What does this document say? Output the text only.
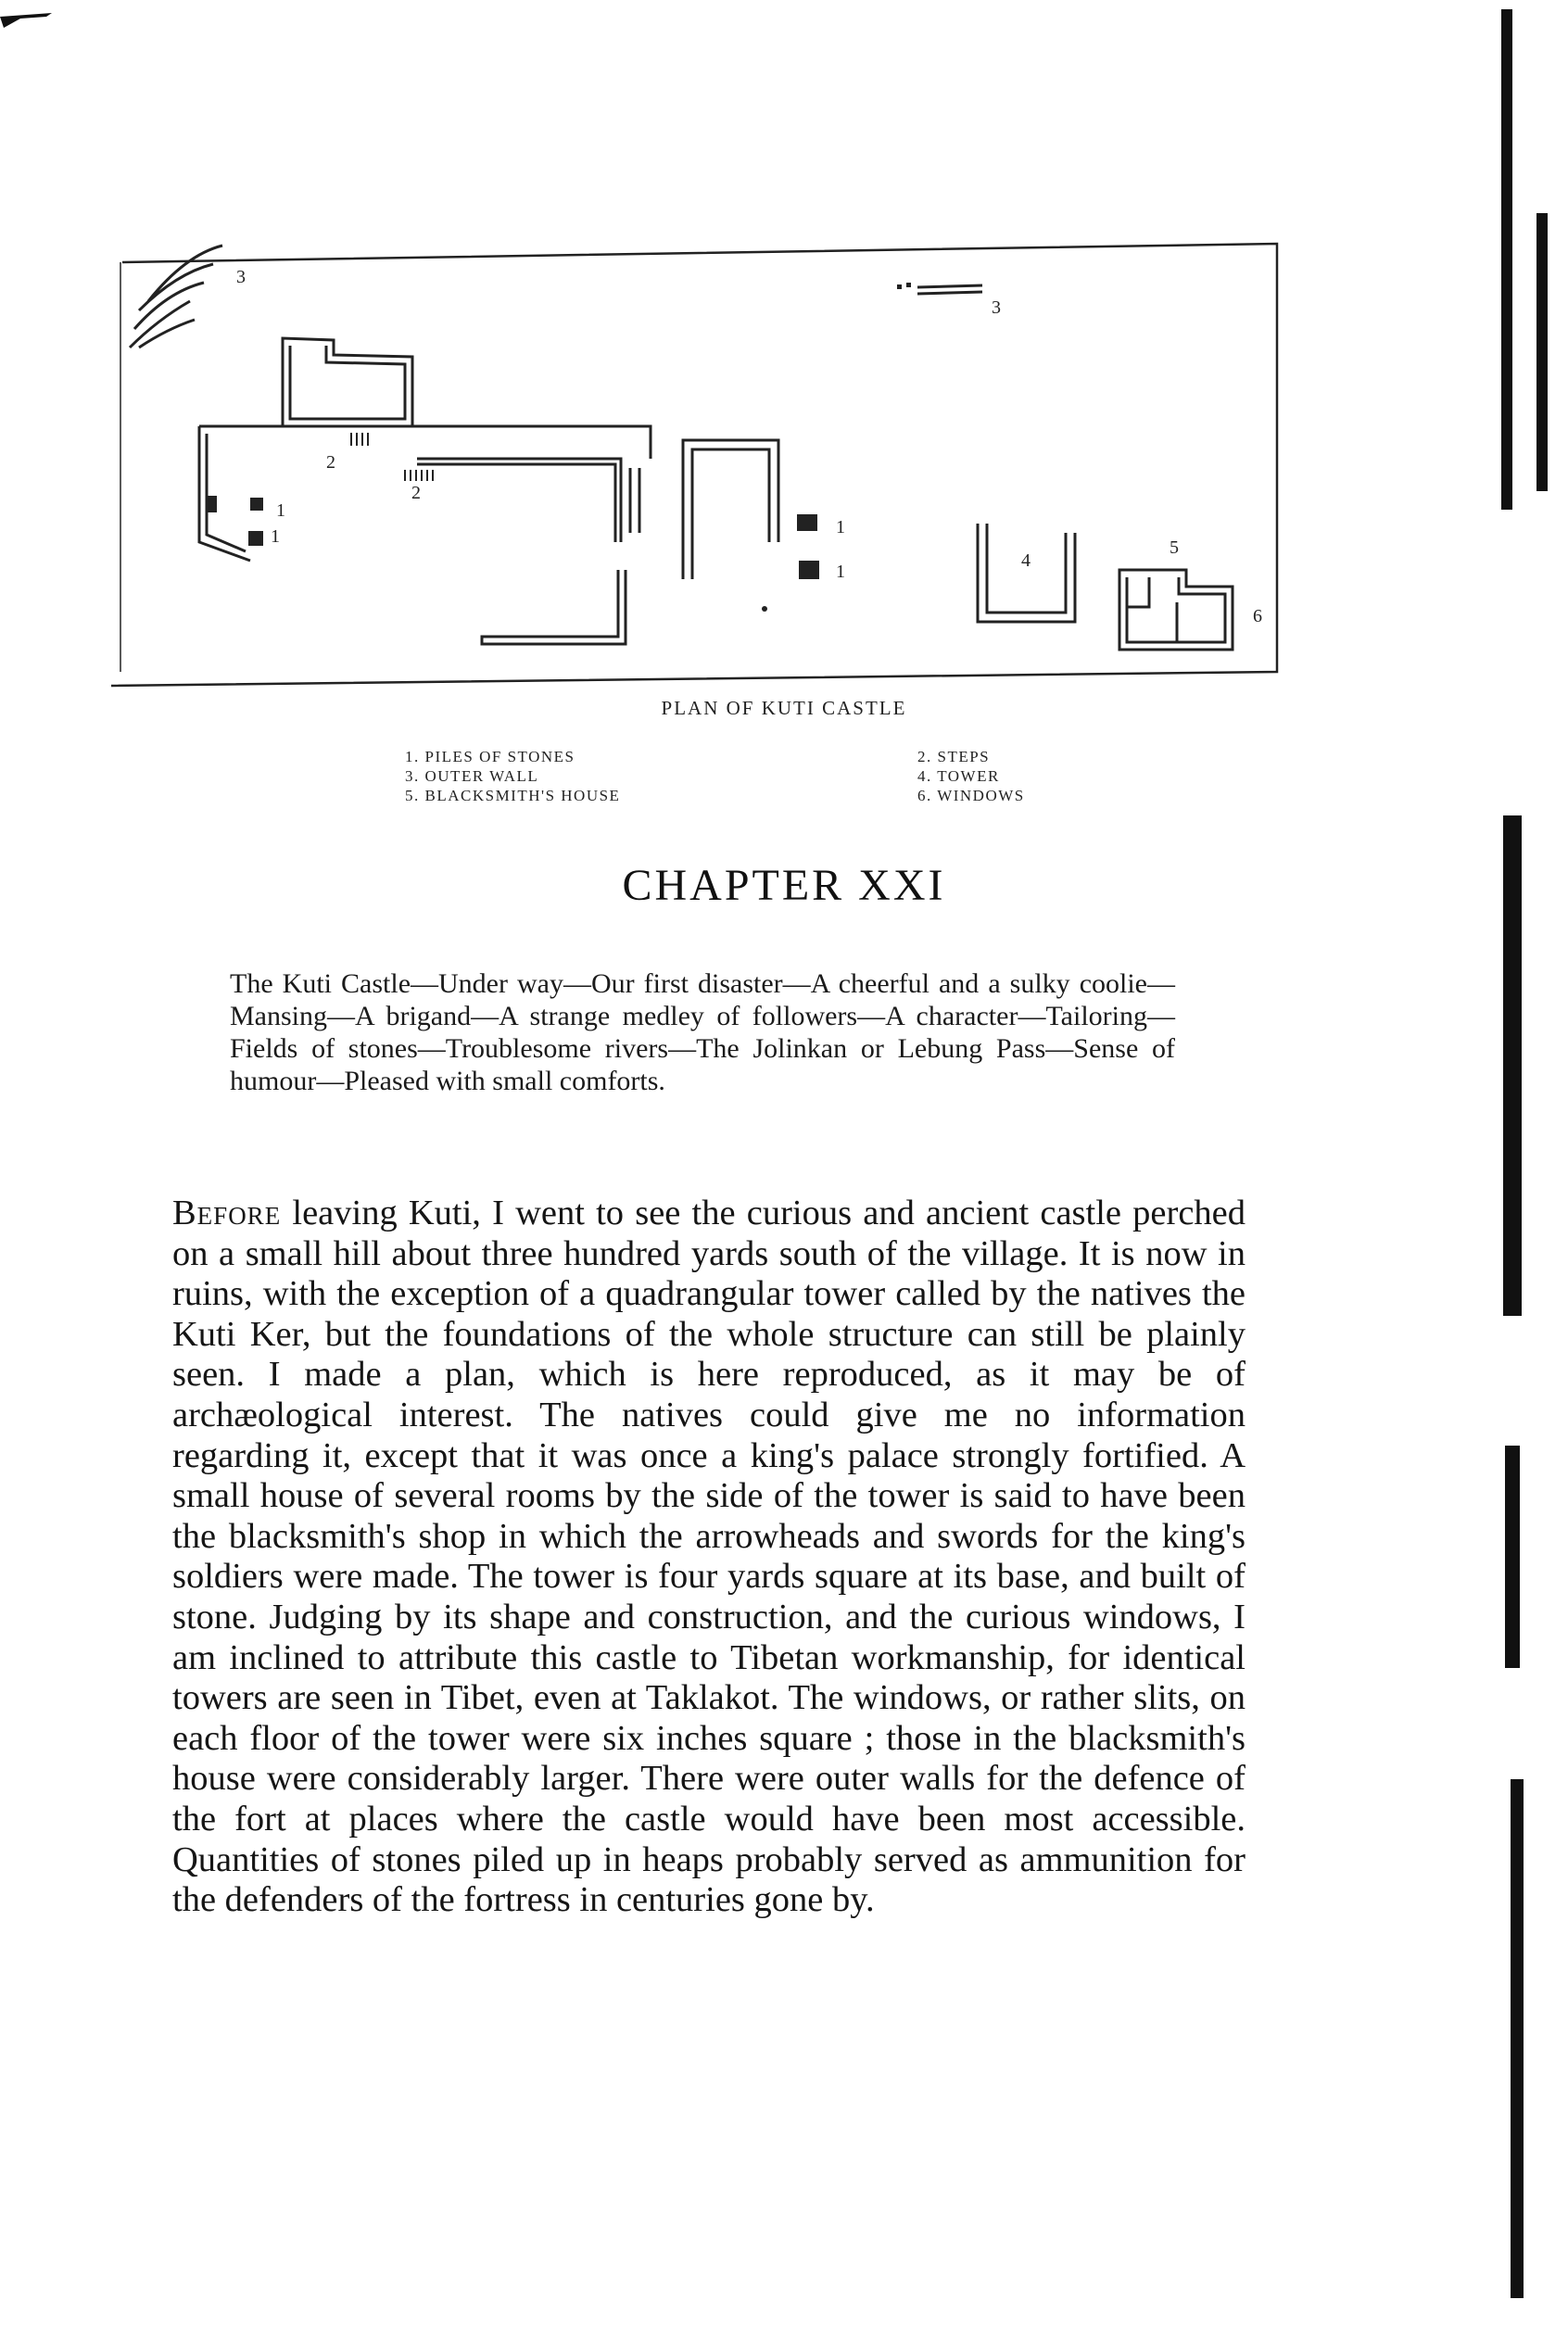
3
1
1
2
2
1
1
3
4
5
6
PLAN OF KUTI CASTLE
1. PILES OF STONES
3. OUTER WALL
5. BLACKSMITH'S HOUSE
2. STEPS
4. TOWER
6. WINDOWS
CHAPTER XXI
The Kuti Castle—Under way—Our first disaster—A cheerful and a sulky coolie—Mansing—A brigand—A strange medley of followers—A character—Tailoring—Fields of stones—Troublesome rivers—The Jolinkan or Lebung Pass—Sense of humour—Pleased with small comforts.
Before leaving Kuti, I went to see the curious and ancient castle perched on a small hill about three hundred yards south of the village. It is now in ruins, with the exception of a quadrangular tower called by the natives the Kuti Ker, but the foundations of the whole structure can still be plainly seen. I made a plan, which is here reproduced, as it may be of archæological interest. The natives could give me no information regarding it, except that it was once a king's palace strongly fortified. A small house of several rooms by the side of the tower is said to have been the blacksmith's shop in which the arrowheads and swords for the king's soldiers were made. The tower is four yards square at its base, and built of stone. Judging by its shape and construction, and the curious windows, I am inclined to attribute this castle to Tibetan workmanship, for identical towers are seen in Tibet, even at Taklakot. The windows, or rather slits, on each floor of the tower were six inches square ; those in the blacksmith's house were considerably larger. There were outer walls for the defence of the fort at places where the castle would have been most accessible. Quantities of stones piled up in heaps probably served as ammunition for the defenders of the fortress in centuries gone by.
